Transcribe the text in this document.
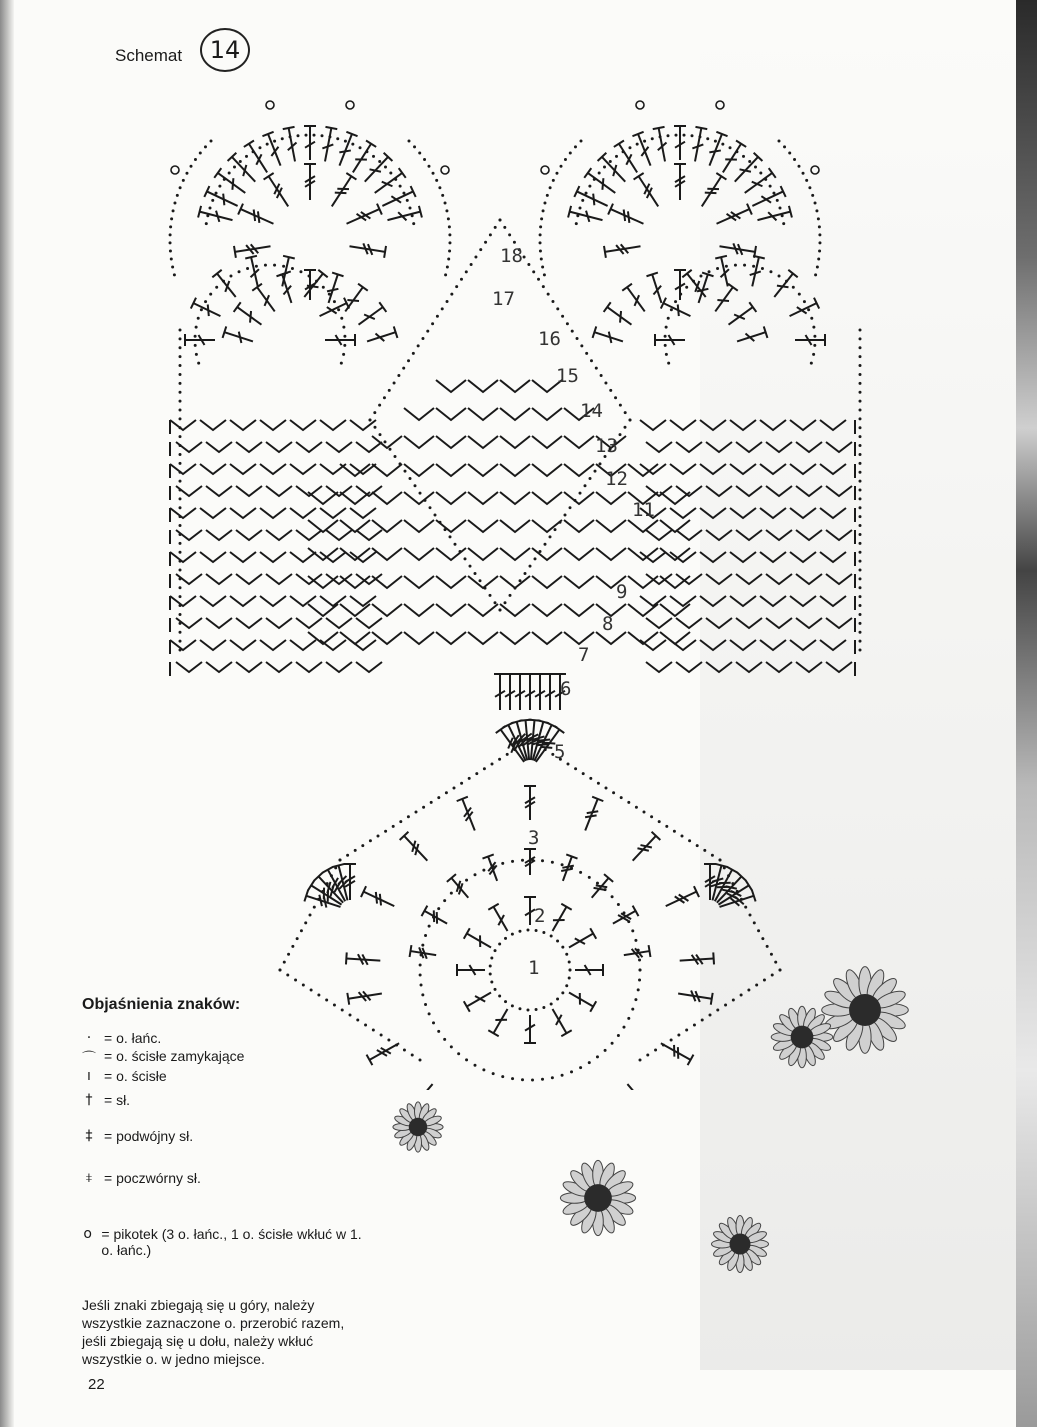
Schemat	14
18
17
16
15
14
13
12
11
9
8
7
6
5
3
2
1
Objaśnienia znaków:
· = o. łańc.
⌒ = o. ścisłe zamykające
ı = o. ścisłe
† = sł.
‡ = podwójny sł.
⧧ = poczwórny sł.
o = pikotek (3 o. łańc., 1 o. ścisłe wkłuć w 1. o. łańc.)
Jeśli znaki zbiegają się u góry, należy wszystkie zaznaczone o. przerobić razem, jeśli zbiegają się u dołu, należy wkłuć wszystkie o. w jedno miejsce.
22
